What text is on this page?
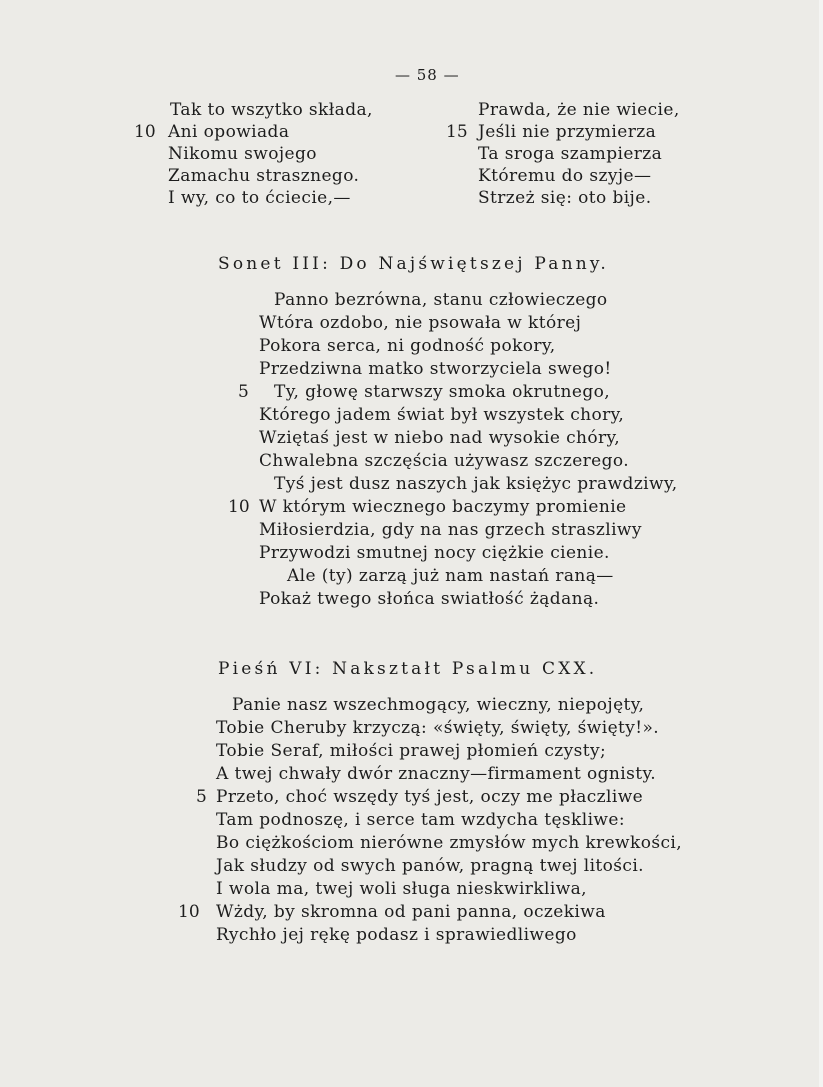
— 58 —
Tak to wszytko składa,
Ani opowiada
Nikomu swojego
Zamachu strasznego.
I wy, co to ćciecie,—
10
Prawda, że nie wiecie,
Jeśli nie przymierza
Ta sroga szampierza
Któremu do szyje—
Strzeż się: oto bije.
15
Sonet III: Do Najświętszej Panny.
Panno bezrówna, stanu człowieczego
Wtóra ozdobo, nie psowała w której
Pokora serca, ni godność pokory,
Przedziwna matko stworzyciela swego!
Ty, głowę starwszy smoka okrutnego,
Którego jadem świat był wszystek chory,
Wziętaś jest w niebo nad wysokie chóry,
Chwalebna szczęścia używasz szczerego.
Tyś jest dusz naszych jak księżyc prawdziwy,
W którym wiecznego baczymy promienie
Miłosierdzia, gdy na nas grzech straszliwy
Przywodzi smutnej nocy ciężkie cienie.
Ale (ty) zarzą już nam nastań raną—
Pokaż twego słońca swiatłość żądaną.
5
10
Pieśń VI: Nakształt Psalmu CXX.
Panie nasz wszechmogący, wieczny, niepojęty,
Tobie Cheruby krzyczą: «święty, święty, święty!».
Tobie Seraf, miłości prawej płomień czysty;
A twej chwały dwór znaczny—firmament ognisty.
Przeto, choć wszędy tyś jest, oczy me płaczliwe
Tam podnoszę, i serce tam wzdycha tęskliwe:
Bo ciężkościom nierówne zmysłów mych krewkości,
Jak słudzy od swych panów, pragną twej litości.
I wola ma, twej woli sługa nieskwirkliwa,
Wżdy, by skromna od pani panna, oczekiwa
Rychło jej rękę podasz i sprawiedliwego
5
10
